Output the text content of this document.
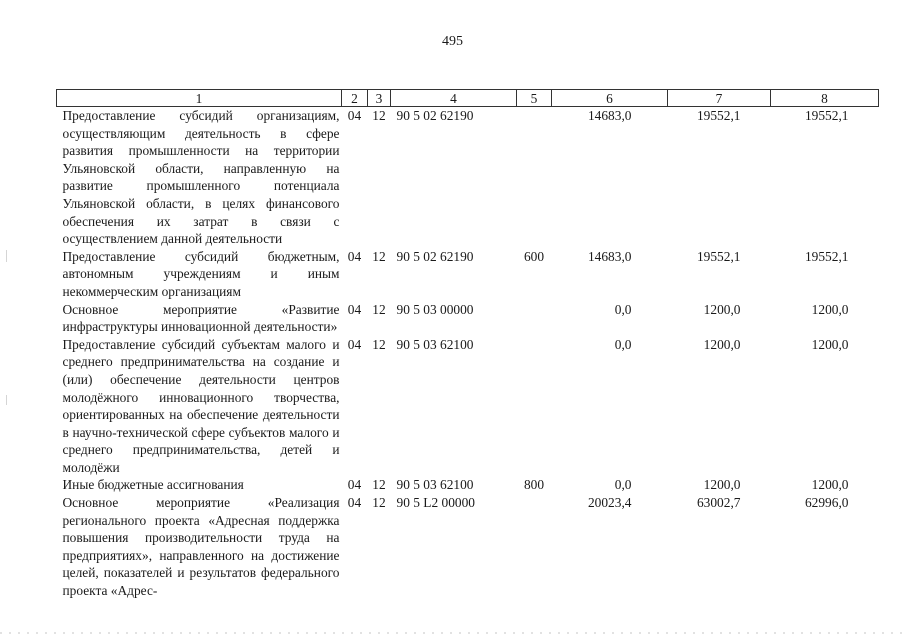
495
1	2	3	4	5	6	7	8
Предоставление субсидий организациям, осуществляющим деятельность в сфере развития промышленности на территории Ульяновской области, направленную на развитие промышленного потенциала Ульяновской области, в целях финансового обеспечения их затрат в связи с осуществлением данной деятельности	04	12	90 5 02 62190		14683,0	19552,1	19552,1
Предоставление субсидий бюджетным, автономным учреждениям и иным некоммерческим организациям	04	12	90 5 02 62190	600	14683,0	19552,1	19552,1
Основное мероприятие «Развитие инфраструктуры инновационной деятельности»	04	12	90 5 03 00000		0,0	1200,0	1200,0
Предоставление субсидий субъектам малого и среднего предпринимательства на создание и (или) обеспечение деятельности центров молодёжного инновационного творчества, ориентированных на обеспечение деятельности в научно-технической сфере субъектов малого и среднего предпринимательства, детей и молодёжи	04	12	90 5 03 62100		0,0	1200,0	1200,0
Иные бюджетные ассигнования	04	12	90 5 03 62100	800	0,0	1200,0	1200,0
Основное мероприятие «Реализация регионального проекта «Адресная поддержка повышения производительности труда на предприятиях», направленного на достижение целей, показателей и результатов федерального проекта «Адрес-	04	12	90 5 L2 00000		20023,4	63002,7	62996,0
